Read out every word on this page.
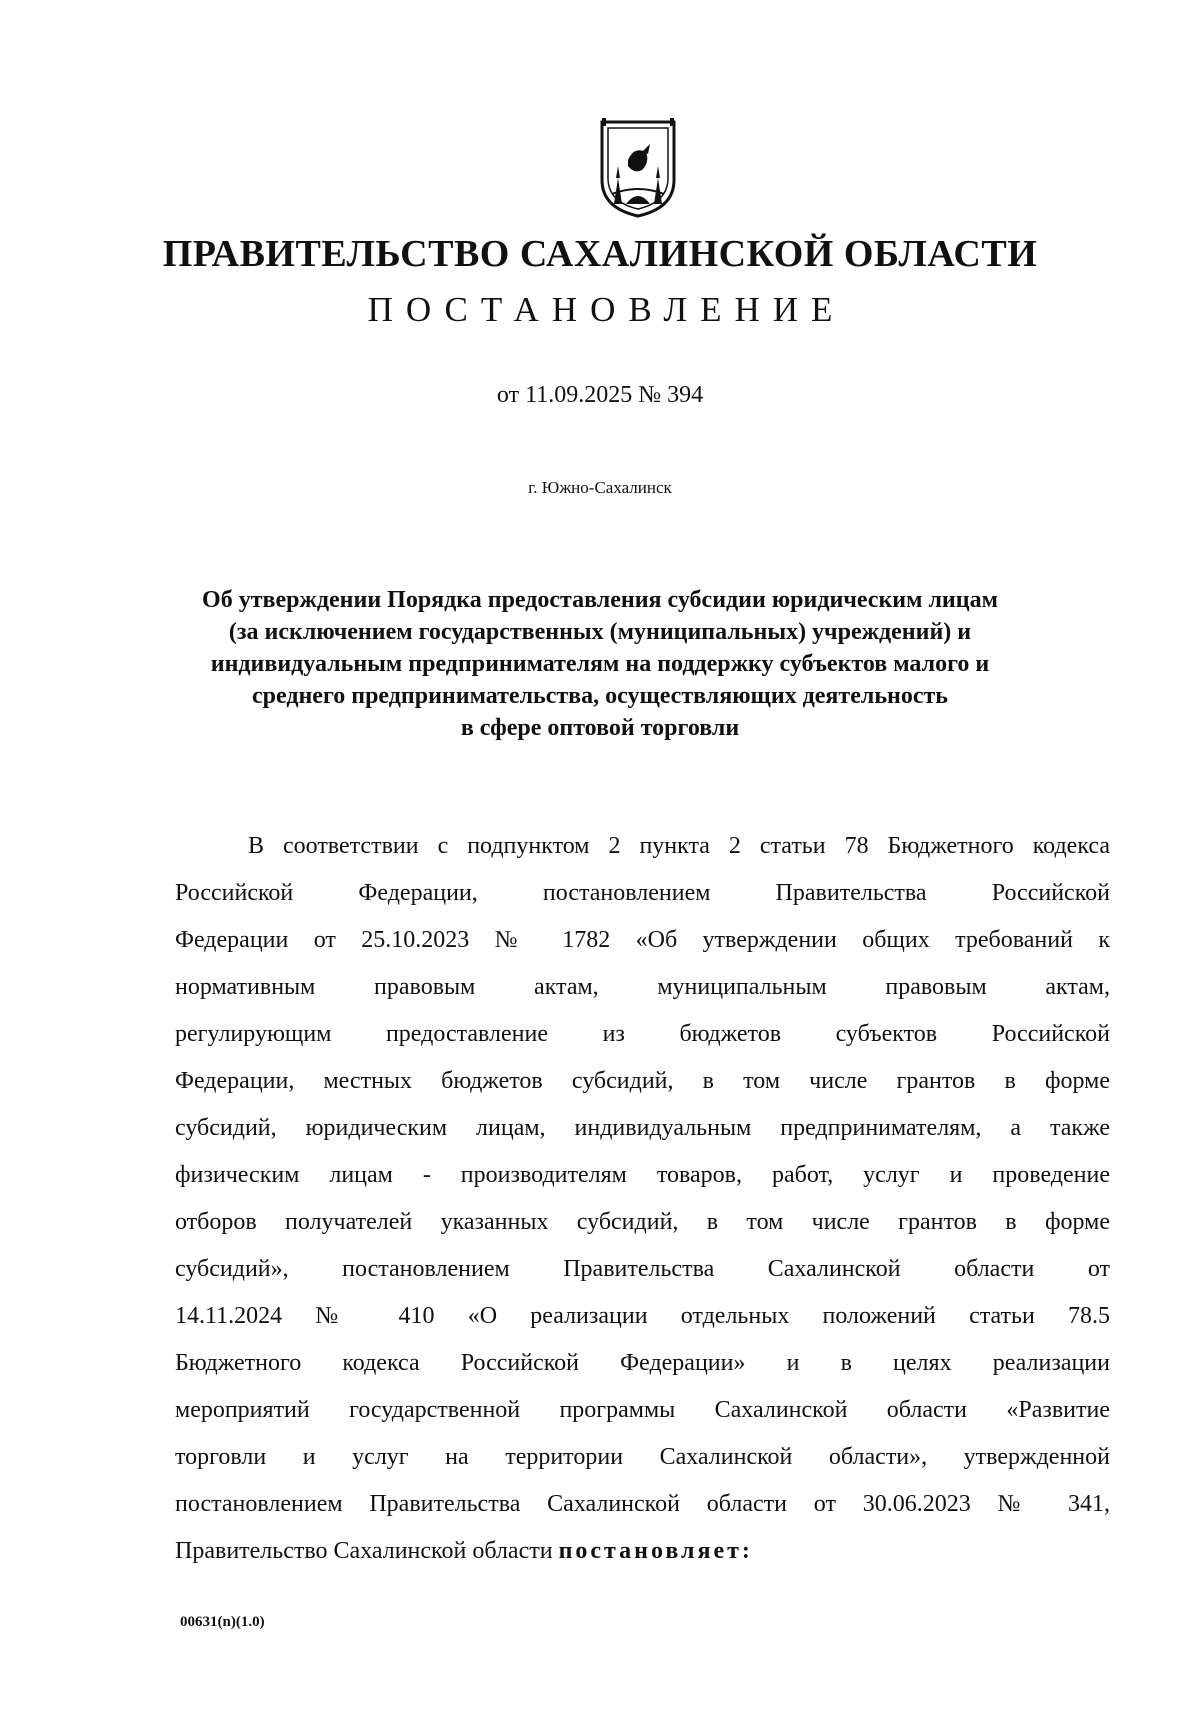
ПРАВИТЕЛЬСТВО САХАЛИНСКОЙ ОБЛАСТИ
ПОСТАНОВЛЕНИЕ
от 11.09.2025 № 394
г. Южно-Сахалинск
Об утверждении Порядка предоставления субсидии юридическим лицам
(за исключением государственных (муниципальных) учреждений) и
индивидуальным предпринимателям на поддержку субъектов малого и
среднего предпринимательства, осуществляющих деятельность
в сфере оптовой торговли
В соответствии с подпунктом 2 пункта 2 статьи 78 Бюджетного кодекса
Российской Федерации, постановлением Правительства Российской
Федерации от 25.10.2023 № 1782 «Об утверждении общих требований к
нормативным правовым актам, муниципальным правовым актам,
регулирующим предоставление из бюджетов субъектов Российской
Федерации, местных бюджетов субсидий, в том числе грантов в форме
субсидий, юридическим лицам, индивидуальным предпринимателям, а также
физическим лицам - производителям товаров, работ, услуг и проведение
отборов получателей указанных субсидий, в том числе грантов в форме
субсидий», постановлением Правительства Сахалинской области от
14.11.2024 № 410 «О реализации отдельных положений статьи 78.5
Бюджетного кодекса Российской Федерации» и в целях реализации
мероприятий государственной программы Сахалинской области «Развитие
торговли и услуг на территории Сахалинской области», утвержденной
постановлением Правительства Сахалинской области от 30.06.2023 № 341,
Правительство Сахалинской области постановляет:
00631(n)(1.0)
